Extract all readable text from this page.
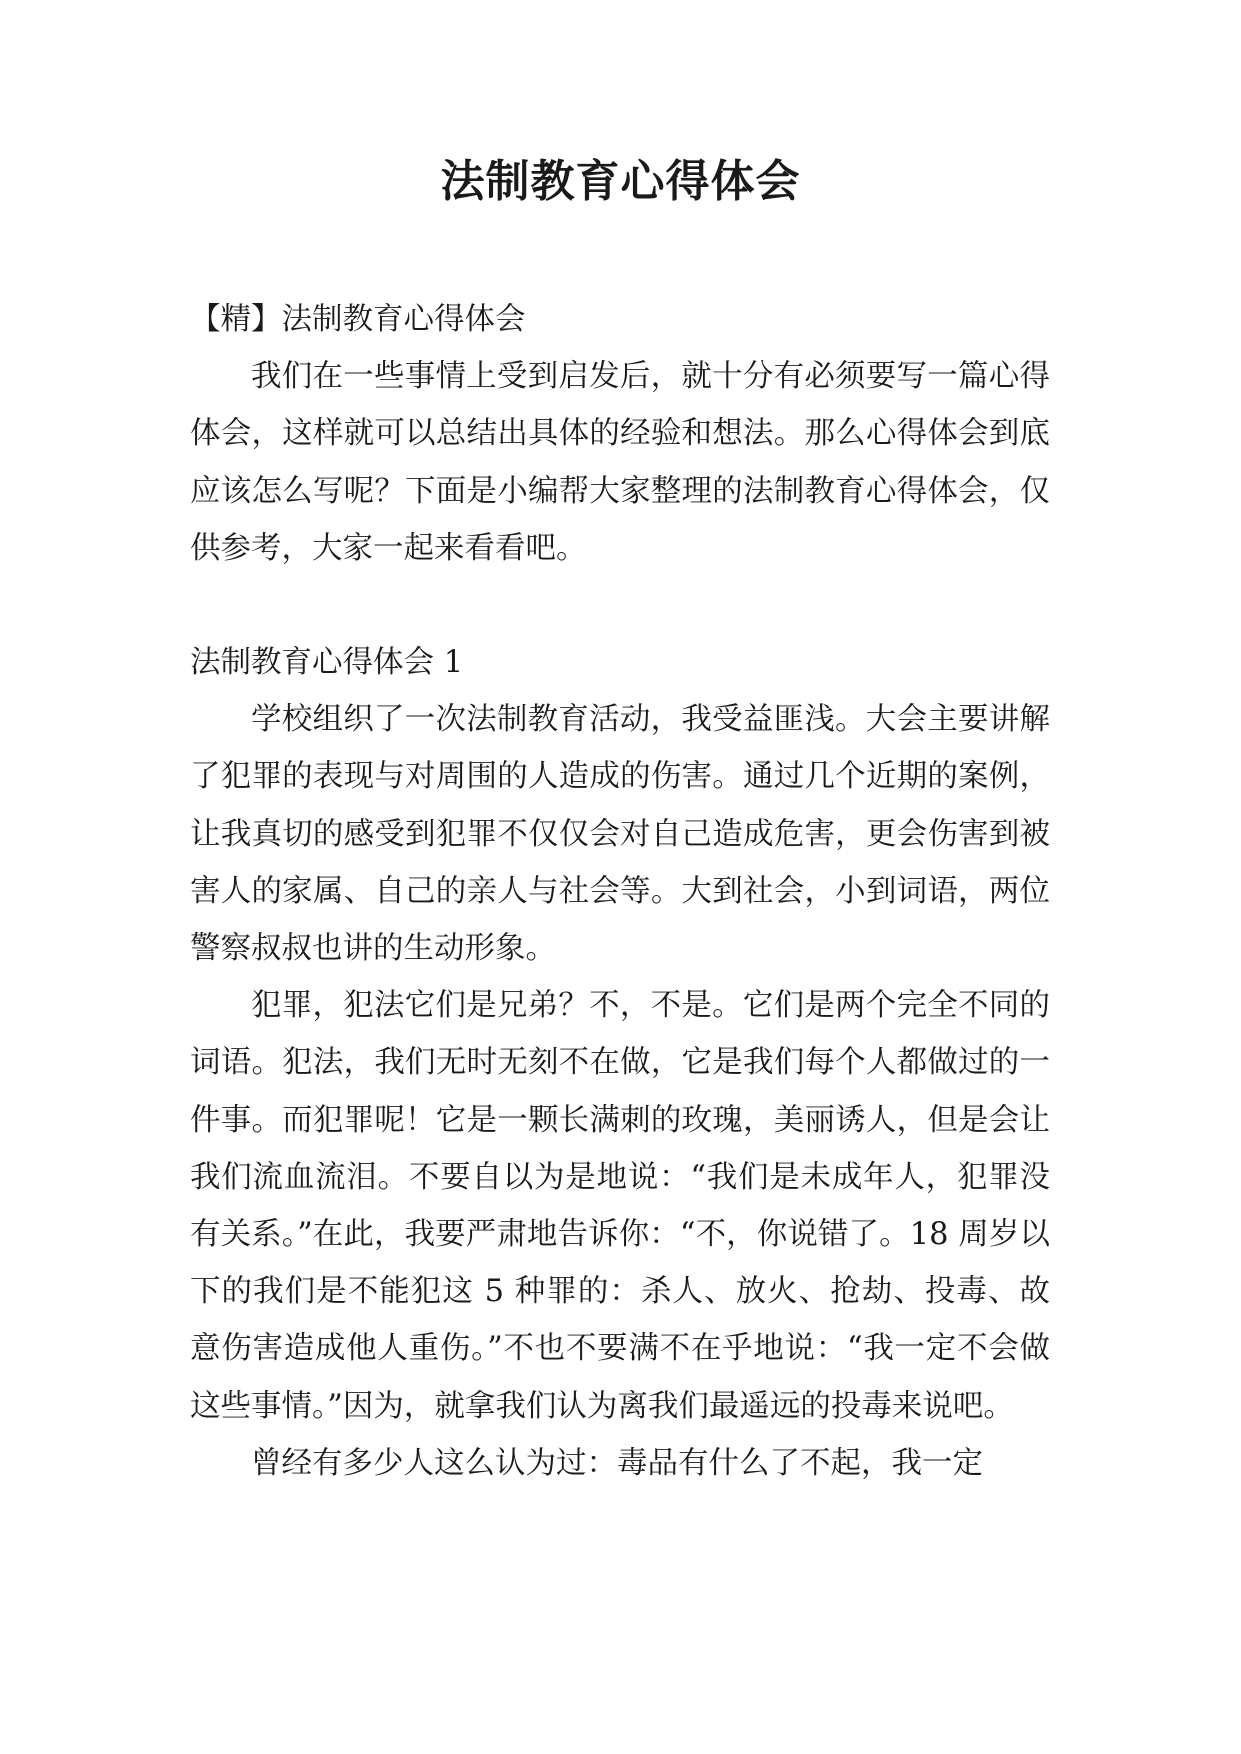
法制教育心得体会

【精】法制教育心得体会

我们在一些事情上受到启发后，就十分有必须要写一篇心得体会，这样就可以总结出具体的经验和想法。那么心得体会到底应该怎么写呢？下面是小编帮大家整理的法制教育心得体会，仅供参考，大家一起来看看吧。

法制教育心得体会 1

学校组织了一次法制教育活动，我受益匪浅。大会主要讲解了犯罪的表现与对周围的人造成的伤害。通过几个近期的案例，让我真切的感受到犯罪不仅仅会对自己造成危害，更会伤害到被害人的家属、自己的亲人与社会等。大到社会，小到词语，两位警察叔叔也讲的生动形象。

犯罪，犯法它们是兄弟？不，不是。它们是两个完全不同的词语。犯法，我们无时无刻不在做，它是我们每个人都做过的一件事。而犯罪呢！它是一颗长满刺的玫瑰，美丽诱人，但是会让我们流血流泪。不要自以为是地说：“我们是未成年人，犯罪没有关系。”在此，我要严肃地告诉你：“不，你说错了。18 周岁以下的我们是不能犯这 5 种罪的：杀人、放火、抢劫、投毒、故意伤害造成他人重伤。”不也不要满不在乎地说：“我一定不会做这些事情。”因为，就拿我们认为离我们最遥远的投毒来说吧。

曾经有多少人这么认为过：毒品有什么了不起，我一定
